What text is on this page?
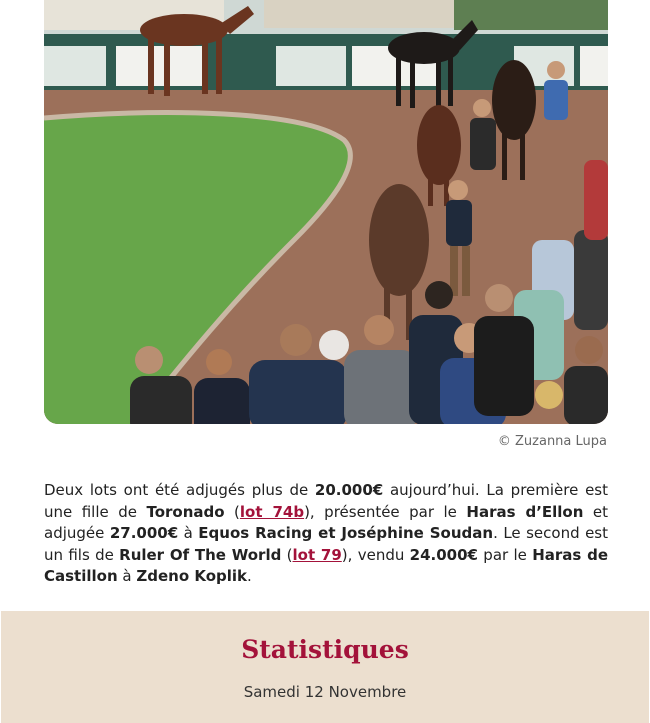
© Zuzanna Lupa

Deux lots ont été adjugés plus de 20.000€ aujourd’hui. La première est une fille de Toronado (lot 74b), présentée par le Haras d’Ellon et adjugée 27.000€ à Equos Racing et Joséphine Soudan. Le second est un fils de Ruler Of The World (lot 79), vendu 24.000€ par le Haras de Castillon à Zdeno Koplik.

Statistiques
Samedi 12 Novembre
